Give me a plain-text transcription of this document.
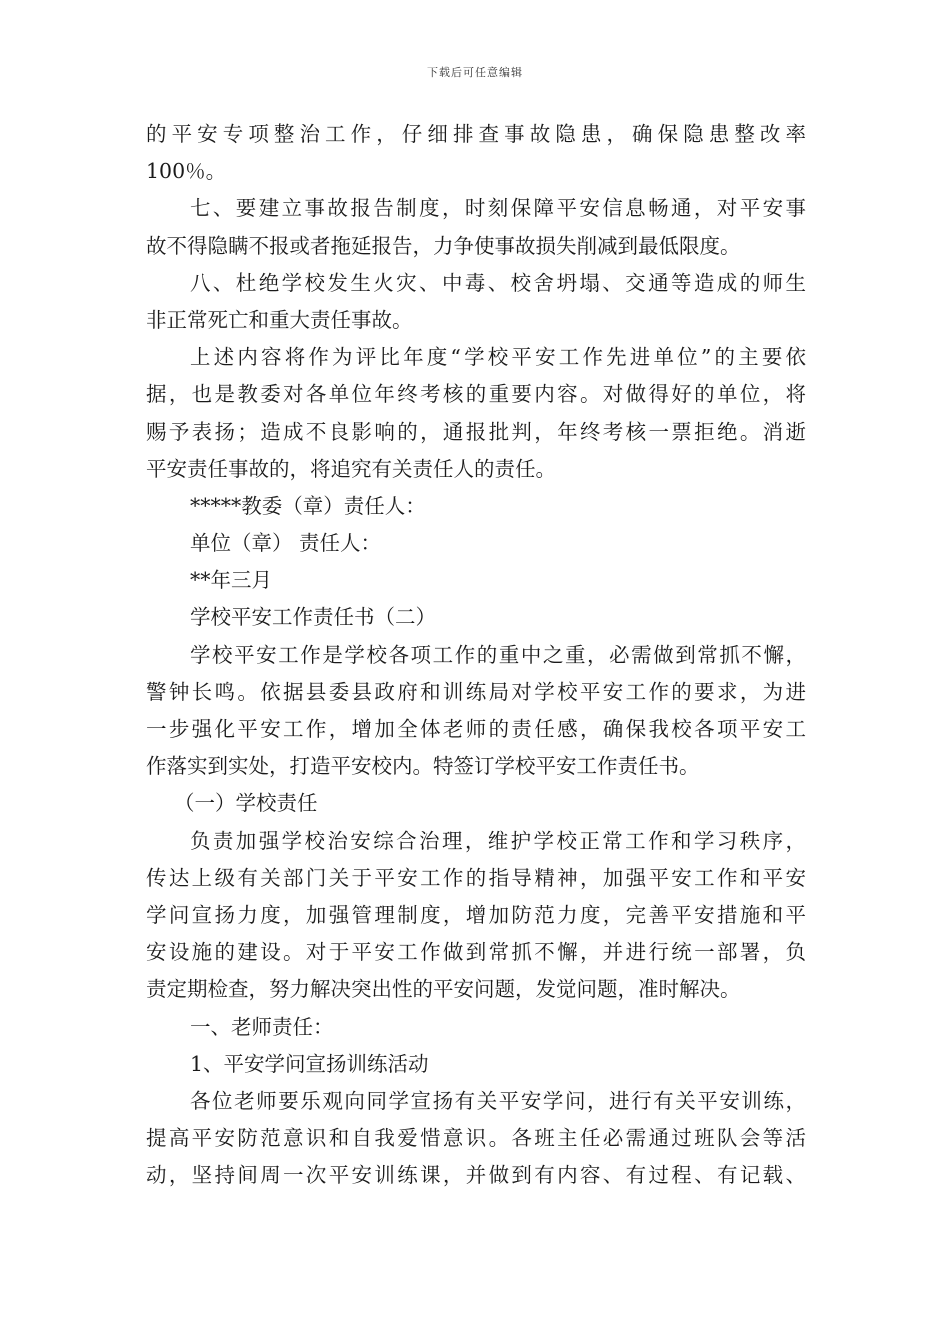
下载后可任意编辑
的平安专项整治工作，仔细排查事故隐患，确保隐患整改率
100％。
七、要建立事故报告制度，时刻保障平安信息畅通，对平安事
故不得隐瞒不报或者拖延报告，力争使事故损失削减到最低限度。
八、杜绝学校发生火灾、中毒、校舍坍塌、交通等造成的师生
非正常死亡和重大责任事故。
上述内容将作为评比年度“学校平安工作先进单位”的主要依
据，也是教委对各单位年终考核的重要内容。对做得好的单位，将
赐予表扬；造成不良影响的，通报批判，年终考核一票拒绝。消逝
平安责任事故的，将追究有关责任人的责任。
*****教委（章）责任人：
单位（章） 责任人：
**年三月
学校平安工作责任书（二）
学校平安工作是学校各项工作的重中之重，必需做到常抓不懈，
警钟长鸣。依据县委县政府和训练局对学校平安工作的要求，为进
一步强化平安工作，增加全体老师的责任感，确保我校各项平安工
作落实到实处，打造平安校内。特签订学校平安工作责任书。
（一）学校责任
负责加强学校治安综合治理，维护学校正常工作和学习秩序，
传达上级有关部门关于平安工作的指导精神，加强平安工作和平安
学问宣扬力度，加强管理制度，增加防范力度，完善平安措施和平
安设施的建设。对于平安工作做到常抓不懈，并进行统一部署，负
责定期检查，努力解决突出性的平安问题，发觉问题，准时解决。
一、老师责任：
1、平安学问宣扬训练活动
各位老师要乐观向同学宣扬有关平安学问，进行有关平安训练，
提高平安防范意识和自我爱惜意识。各班主任必需通过班队会等活
动，坚持间周一次平安训练课，并做到有内容、有过程、有记载、
